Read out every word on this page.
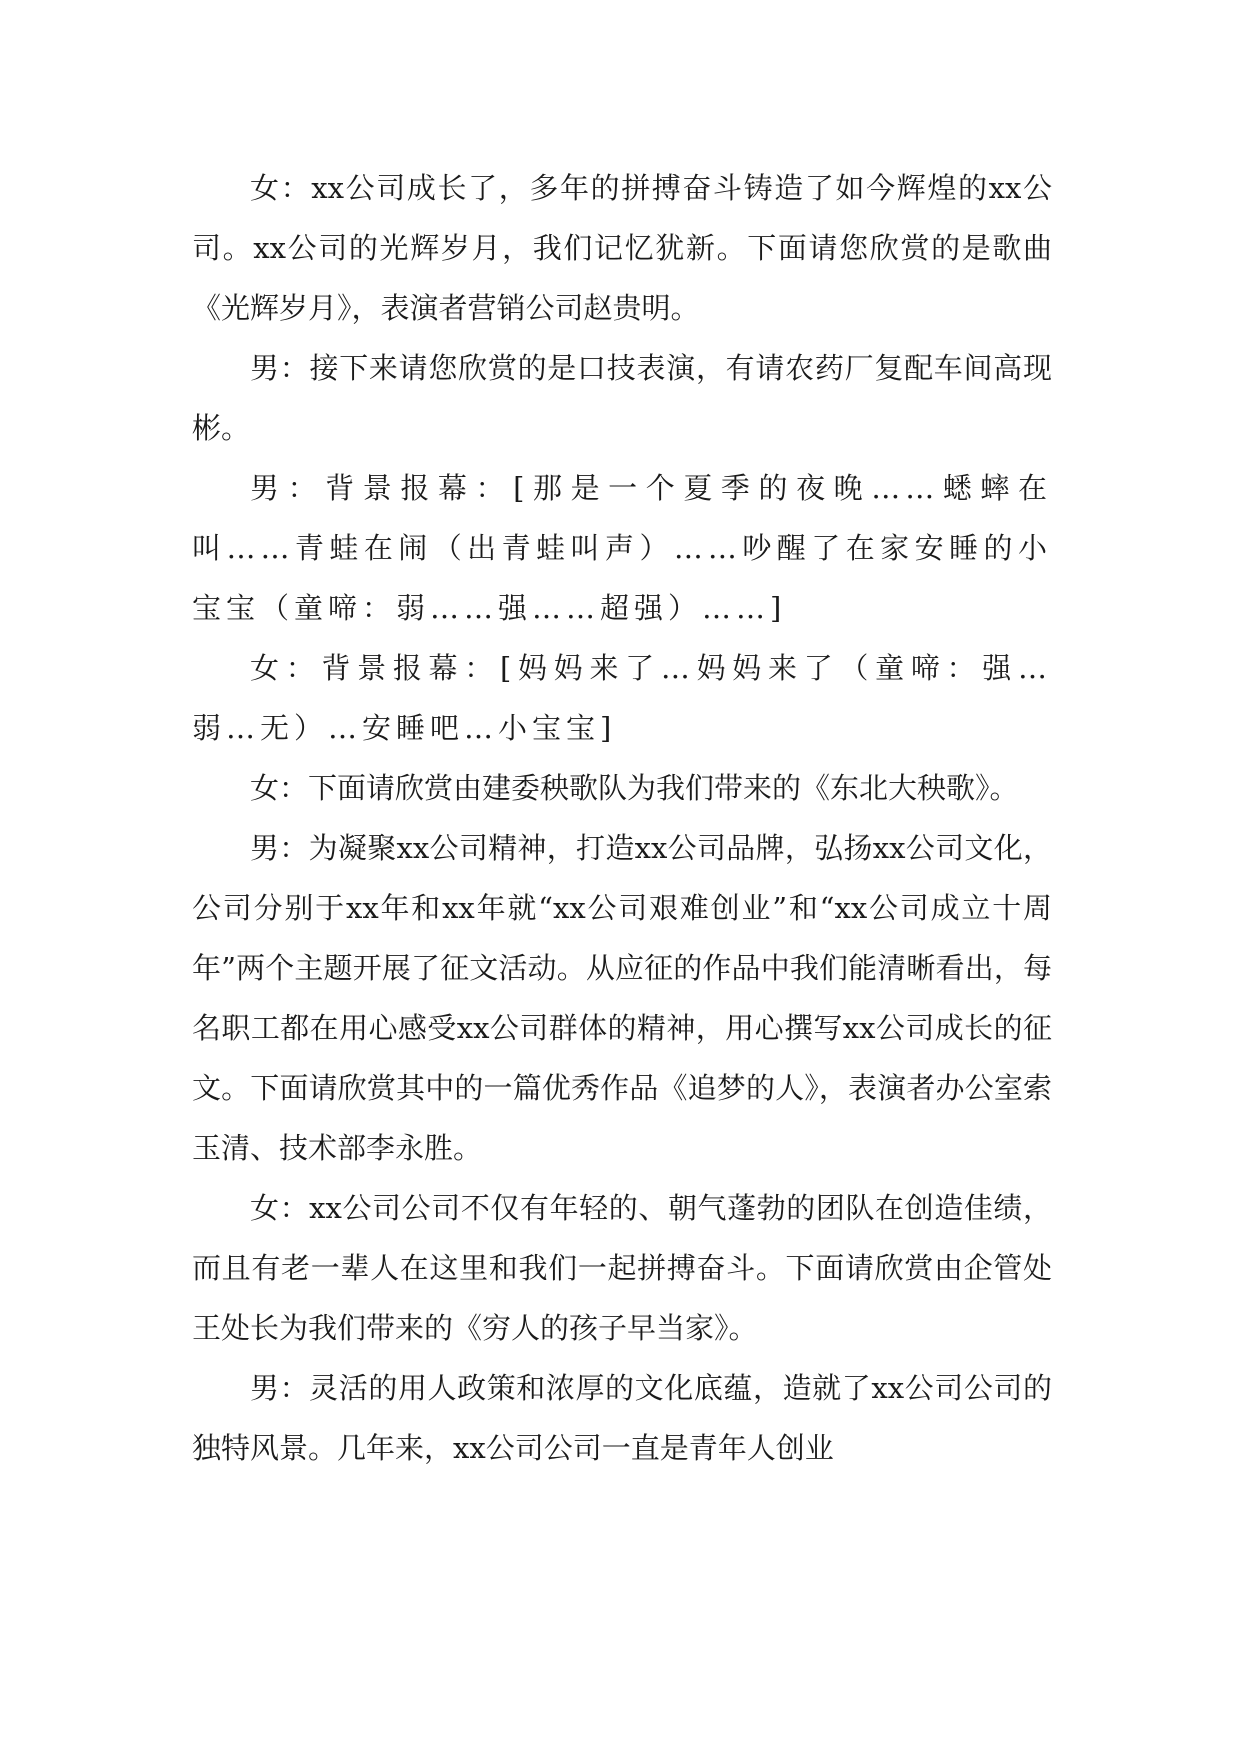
女：xx公司成长了，多年的拼搏奋斗铸造了如今辉煌的xx公司。xx公司的光辉岁月，我们记忆犹新。下面请您欣赏的是歌曲《光辉岁月》，表演者营销公司赵贵明。

男：接下来请您欣赏的是口技表演，有请农药厂复配车间高现彬。

男：背景报幕：[那是一个夏季的夜晚……蟋蟀在叫……青蛙在闹（出青蛙叫声）……吵醒了在家安睡的小宝宝（童啼：弱……强……超强）……]

女：背景报幕：[妈妈来了…妈妈来了（童啼：强…弱…无）…安睡吧…小宝宝]

女：下面请欣赏由建委秧歌队为我们带来的《东北大秧歌》。

男：为凝聚xx公司精神，打造xx公司品牌，弘扬xx公司文化，公司分别于xx年和xx年就“xx公司艰难创业”和“xx公司成立十周年”两个主题开展了征文活动。从应征的作品中我们能清晰看出，每名职工都在用心感受xx公司群体的精神，用心撰写xx公司成长的征文。下面请欣赏其中的一篇优秀作品《追梦的人》，表演者办公室索玉清、技术部李永胜。

女：xx公司公司不仅有年轻的、朝气蓬勃的团队在创造佳绩，而且有老一辈人在这里和我们一起拼搏奋斗。下面请欣赏由企管处王处长为我们带来的《穷人的孩子早当家》。

男：灵活的用人政策和浓厚的文化底蕴，造就了xx公司公司的独特风景。几年来，xx公司公司一直是青年人创业
